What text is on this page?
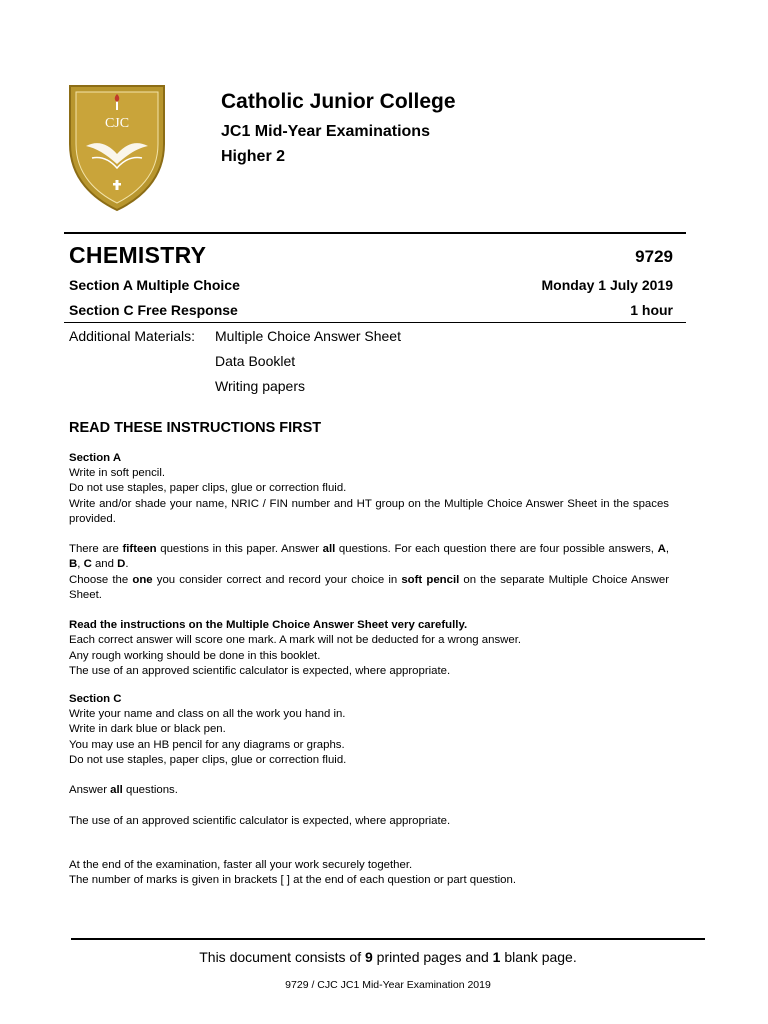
CJC
Catholic Junior College
JC1 Mid-Year Examinations
Higher 2
CHEMISTRY	9729
Section A Multiple Choice	Monday 1 July 2019
Section C Free Response	1 hour
Additional Materials: Multiple Choice Answer Sheet
Data Booklet
Writing papers
READ THESE INSTRUCTIONS FIRST

Section A

Write in soft pencil.

Do not use staples, paper clips, glue or correction fluid.

Write and/or shade your name, NRIC / FIN number and HT group on the Multiple Choice Answer Sheet in the spaces provided.

There are fifteen questions in this paper. Answer all questions. For each question there are four possible answers, A, B, C and D.

Choose the one you consider correct and record your choice in soft pencil on the separate Multiple Choice Answer Sheet.

Read the instructions on the Multiple Choice Answer Sheet very carefully.

Each correct answer will score one mark. A mark will not be deducted for a wrong answer.

Any rough working should be done in this booklet.

The use of an approved scientific calculator is expected, where appropriate.

Section C

Write your name and class on all the work you hand in.

Write in dark blue or black pen.

You may use an HB pencil for any diagrams or graphs.

Do not use staples, paper clips, glue or correction fluid.

Answer all questions.

The use of an approved scientific calculator is expected, where appropriate.

At the end of the examination, faster all your work securely together.

The number of marks is given in brackets [ ] at the end of each question or part question.

This document consists of 9 printed pages and 1 blank page.
9729 / CJC JC1 Mid-Year Examination 2019
